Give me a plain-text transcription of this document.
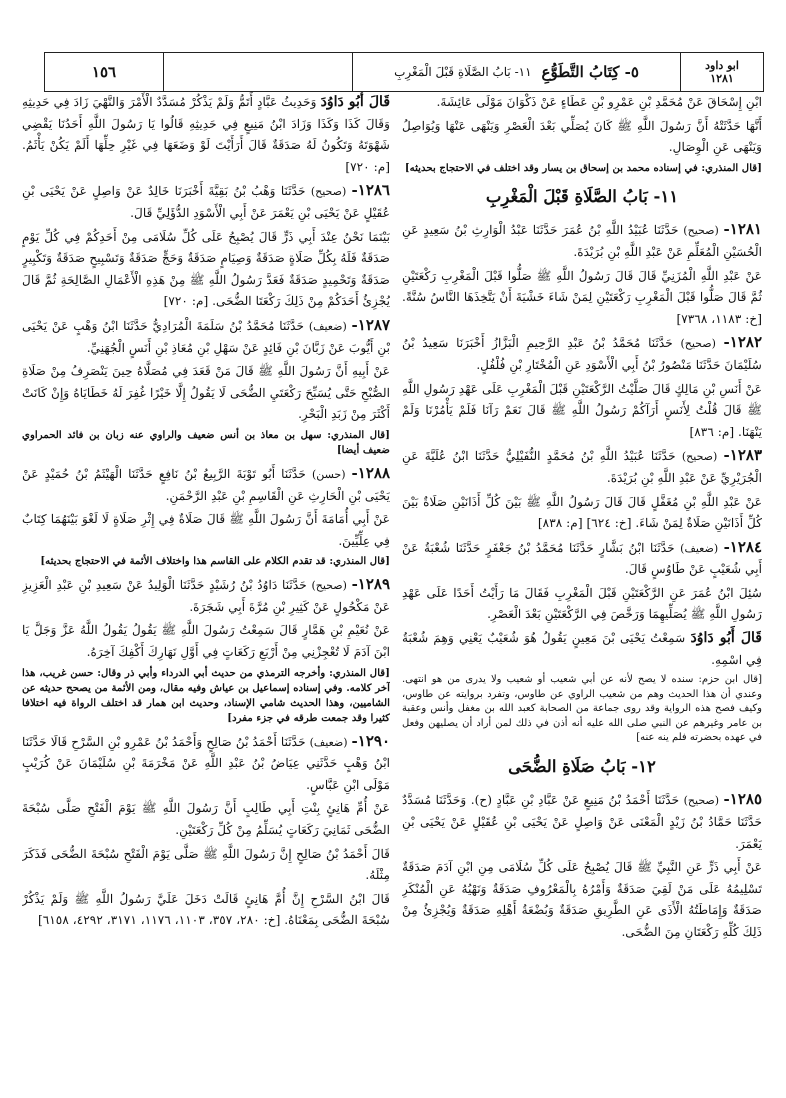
ابو داود
١٢٨١
٥- كِتَابُ التَّطَوُّعِ
١١- بَابُ الصَّلَاةِ قَبْلَ الْمَغْرِبِ
١٥٦

ابْنِ إِسْحَاقَ عَنْ مُحَمَّدِ بْنِ عَمْرِو بْنِ عَطَاءٍ عَنْ ذَكْوَانَ مَوْلَى عَائِشَةَ.

أَنَّهَا حَدَّثَتْهُ أَنَّ رَسُولَ اللَّهِ ﷺ كَانَ يُصَلِّي بَعْدَ الْعَصْرِ وَيَنْهَى عَنْهَا وَيُوَاصِلُ وَيَنْهَى عَنِ الْوِصَالِ.

[قال المنذري: في إسناده محمد بن إسحاق بن يسار وقد اختلف في الاحتجاج بحديثه]
١١- بَابُ الصَّلَاةِ قَبْلَ الْمَغْرِبِ

١٢٨١- (صحيح) حَدَّثَنَا عُبَيْدُ اللَّهِ بْنُ عُمَرَ حَدَّثَنَا عَبْدُ الْوَارِثِ بْنُ سَعِيدٍ عَنِ الْحُسَيْنِ الْمُعَلِّمِ عَنْ عَبْدِ اللَّهِ بْنِ بُرَيْدَةَ.

عَنْ عَبْدِ اللَّهِ الْمُزَنِيِّ قَالَ قَالَ رَسُولُ اللَّهِ ﷺ صَلُّوا قَبْلَ الْمَغْرِبِ رَكْعَتَيْنِ ثُمَّ قَالَ صَلُّوا قَبْلَ الْمَغْرِبِ رَكْعَتَيْنِ لِمَنْ شَاءَ خَشْيَةَ أَنْ يَتَّخِذَهَا النَّاسُ سُنَّةً. [خ: ١١٨٣، ٧٣٦٨]

١٢٨٢- (صحيح) حَدَّثَنَا مُحَمَّدُ بْنُ عَبْدِ الرَّحِيمِ الْبَزَّازُ أَخْبَرَنَا سَعِيدُ بْنُ سُلَيْمَانَ حَدَّثَنَا مَنْصُورُ بْنُ أَبِي الْأَسْوَدِ عَنِ الْمُخْتَارِ بْنِ فُلْفُلٍ.

عَنْ أَنَسِ بْنِ مَالِكٍ قَالَ صَلَّيْتُ الرَّكْعَتَيْنِ قَبْلَ الْمَغْرِبِ عَلَى عَهْدِ رَسُولِ اللَّهِ ﷺ قَالَ قُلْتُ لِأَنَسٍ أَرَآكُمْ رَسُولُ اللَّهِ ﷺ قَالَ نَعَمْ رَآنَا فَلَمْ يَأْمُرْنَا وَلَمْ يَنْهَنَا. [م: ٨٣٦]

١٢٨٣- (صحيح) حَدَّثَنَا عُبَيْدُ اللَّهِ بْنُ مُحَمَّدٍ النُّفَيْلِيُّ حَدَّثَنَا ابْنُ عُلَيَّةَ عَنِ الْجُرَيْرِيِّ عَنْ عَبْدِ اللَّهِ بْنِ بُرَيْدَةَ.

عَنْ عَبْدِ اللَّهِ بْنِ مُغَفَّلٍ قَالَ قَالَ رَسُولُ اللَّهِ ﷺ بَيْنَ كُلِّ أَذَانَيْنِ صَلَاةٌ بَيْنَ كُلِّ أَذَانَيْنِ صَلَاةٌ لِمَنْ شَاءَ. [خ: ٦٢٤] [م: ٨٣٨]

١٢٨٤- (ضعيف) حَدَّثَنَا ابْنُ بَشَّارٍ حَدَّثَنَا مُحَمَّدُ بْنُ جَعْفَرٍ حَدَّثَنَا شُعْبَةُ عَنْ أَبِي شُعَيْبٍ عَنْ طَاوُسٍ قَالَ.

سُئِلَ ابْنُ عُمَرَ عَنِ الرَّكْعَتَيْنِ قَبْلَ الْمَغْرِبِ فَقَالَ مَا رَأَيْتُ أَحَدًا عَلَى عَهْدِ رَسُولِ اللَّهِ ﷺ يُصَلِّيهِمَا وَرَخَّصَ فِي الرَّكْعَتَيْنِ بَعْدَ الْعَصْرِ.

قَالَ أَبُو دَاوُدَ سَمِعْتُ يَحْيَى بْنَ مَعِينٍ يَقُولُ هُوَ شُعَيْبٌ يَعْنِي وَهِمَ شُعْبَةُ فِي اسْمِهِ.

[قال ابن حزم: سنده لا يصح لأنه عن أبي شعيب أو شعيب ولا يدرى من هو انتهى. وعندي أن هذا الحديث وهم من شعيب الراوي عن طاوس، وتفرد بروايته عن طاوس، وكيف فصح هذه الرواية وقد روى جماعة من الصحابة كعبد الله بن مغفل وأنس وعقبة بن عامر وغيرهم عن النبي صلى الله عليه أنه أذن في ذلك لمن أراد أن يصليهن وفعل في عهده بحضرته فلم ينه عنه]
١٢- بَابُ صَلَاةِ الضُّحَى

١٢٨٥- (صحيح) حَدَّثَنَا أَحْمَدُ بْنُ مَنِيعٍ عَنْ عَبَّادِ بْنِ عَبَّادٍ (ح). وَحَدَّثَنَا مُسَدَّدٌ حَدَّثَنَا حَمَّادُ بْنُ زَيْدٍ الْمَعْنَى عَنْ وَاصِلٍ عَنْ يَحْيَى بْنِ عُقَيْلٍ عَنْ يَحْيَى بْنِ يَعْمَرَ.

عَنْ أَبِي ذَرٍّ عَنِ النَّبِيِّ ﷺ قَالَ يُصْبِحُ عَلَى كُلِّ سُلَامَى مِنِ ابْنِ آدَمَ صَدَقَةٌ تَسْلِيمُهُ عَلَى مَنْ لَقِيَ صَدَقَةٌ وَأَمْرُهُ بِالْمَعْرُوفِ صَدَقَةٌ وَنَهْيُهُ عَنِ الْمُنْكَرِ صَدَقَةٌ وَإِمَاطَتُهُ الْأَذَى عَنِ الطَّرِيقِ صَدَقَةٌ وَبُضْعَةُ أَهْلِهِ صَدَقَةٌ وَيُجْزِئُ مِنْ ذَلِكَ كُلِّهِ رَكْعَتَانِ مِنَ الضُّحَى.

قَالَ أَبُو دَاوُدَ وَحَدِيثُ عَبَّادٍ أَتَمُّ وَلَمْ يَذْكُرْ مُسَدَّدٌ الْأَمْرَ وَالنَّهْيَ زَادَ فِي حَدِيثِهِ وَقَالَ كَذَا وَكَذَا وَزَادَ ابْنُ مَنِيعٍ فِي حَدِيثِهِ قَالُوا يَا رَسُولَ اللَّهِ أَحَدُنَا يَقْضِي شَهْوَتَهُ وَتَكُونُ لَهُ صَدَقَةٌ قَالَ أَرَأَيْتَ لَوْ وَضَعَهَا فِي غَيْرِ حِلِّهَا أَلَمْ يَكُنْ يَأْثَمُ. [م: ٧٢٠]

١٢٨٦- (صحيح) حَدَّثَنَا وَهْبُ بْنُ بَقِيَّةَ أَخْبَرَنَا خَالِدٌ عَنْ وَاصِلٍ عَنْ يَحْيَى بْنِ عُقَيْلٍ عَنْ يَحْيَى بْنِ يَعْمَرَ عَنْ أَبِي الْأَسْوَدِ الدُّؤَلِيِّ قَالَ.

بَيْنَمَا نَحْنُ عِنْدَ أَبِي ذَرٍّ قَالَ يُصْبِحُ عَلَى كُلِّ سُلَامَى مِنْ أَحَدِكُمْ فِي كُلِّ يَوْمٍ صَدَقَةٌ فَلَهُ بِكُلِّ صَلَاةٍ صَدَقَةٌ وَصِيَامٍ صَدَقَةٌ وَحَجٍّ صَدَقَةٌ وَتَسْبِيحٍ صَدَقَةٌ وَتَكْبِيرٍ صَدَقَةٌ وَتَحْمِيدٍ صَدَقَةٌ فَعَدَّ رَسُولُ اللَّهِ ﷺ مِنْ هَذِهِ الْأَعْمَالِ الصَّالِحَةِ ثُمَّ قَالَ يُجْزِئُ أَحَدَكُمْ مِنْ ذَلِكَ رَكْعَتَا الضُّحَى. [م: ٧٢٠]

١٢٨٧- (ضعيف) حَدَّثَنَا مُحَمَّدُ بْنُ سَلَمَةَ الْمُرَادِيُّ حَدَّثَنَا ابْنُ وَهْبٍ عَنْ يَحْيَى بْنِ أَيُّوبَ عَنْ زَبَّانَ بْنِ فَائِدٍ عَنْ سَهْلِ بْنِ مُعَاذِ بْنِ أَنَسٍ الْجُهَنِيِّ.

عَنْ أَبِيهِ أَنَّ رَسُولَ اللَّهِ ﷺ قَالَ مَنْ قَعَدَ فِي مُصَلَّاهُ حِينَ يَنْصَرِفُ مِنْ صَلَاةِ الصُّبْحِ حَتَّى يُسَبِّحَ رَكْعَتَيِ الضُّحَى لَا يَقُولُ إِلَّا خَيْرًا غُفِرَ لَهُ خَطَايَاهُ وَإِنْ كَانَتْ أَكْثَرَ مِنْ زَبَدِ الْبَحْرِ.

[قال المنذري: سهل بن معاذ بن أنس ضعيف والراوي عنه زبان بن فائد الحمراوي ضعيف أيضا]

١٢٨٨- (حسن) حَدَّثَنَا أَبُو تَوْبَةَ الرَّبِيعُ بْنُ نَافِعٍ حَدَّثَنَا الْهَيْثَمُ بْنُ حُمَيْدٍ عَنْ يَحْيَى بْنِ الْحَارِثِ عَنِ الْقَاسِمِ بْنِ عَبْدِ الرَّحْمَنِ.

عَنْ أَبِي أُمَامَةَ أَنَّ رَسُولَ اللَّهِ ﷺ قَالَ صَلَاةٌ فِي إِثْرِ صَلَاةٍ لَا لَغْوَ بَيْنَهُمَا كِتَابٌ فِي عِلِّيِّينَ.

[قال المنذري: قد تقدم الكلام على القاسم هذا واختلاف الأئمة في الاحتجاج بحديثه]

١٢٨٩- (صحيح) حَدَّثَنَا دَاوُدُ بْنُ رُشَيْدٍ حَدَّثَنَا الْوَلِيدُ عَنْ سَعِيدِ بْنِ عَبْدِ الْعَزِيزِ عَنْ مَكْحُولٍ عَنْ كَثِيرِ بْنِ مُرَّةَ أَبِي شَجَرَةَ.

عَنْ نُعَيْمِ بْنِ هَمَّارٍ قَالَ سَمِعْتُ رَسُولَ اللَّهِ ﷺ يَقُولُ يَقُولُ اللَّهُ عَزَّ وَجَلَّ يَا ابْنَ آدَمَ لَا تُعْجِزْنِي مِنْ أَرْبَعِ رَكَعَاتٍ فِي أَوَّلِ نَهَارِكَ أَكْفِكَ آخِرَهُ.

[قال المنذري: وأخرجه الترمذي من حديث أبي الدرداء وأبي ذر وقال: حسن غريب، هذا آخر كلامه. وفي إسناده إسماعيل بن عياش وفيه مقال، ومن الأئمة من يصحح حديثه عن الشاميين، وهذا الحديث شامي الإسناد، وحديث ابن همار قد اختلف الرواة فيه اختلافا كثيرا وقد جمعت طرقه في جزء مفرد]

١٢٩٠- (ضعيف) حَدَّثَنَا أَحْمَدُ بْنُ صَالِحٍ وَأَحْمَدُ بْنُ عَمْرِو بْنِ السَّرْحِ قَالَا حَدَّثَنَا ابْنُ وَهْبٍ حَدَّثَنِي عِيَاضُ بْنُ عَبْدِ اللَّهِ عَنْ مَخْرَمَةَ بْنِ سُلَيْمَانَ عَنْ كُرَيْبٍ مَوْلَى ابْنِ عَبَّاسٍ.

عَنْ أُمِّ هَانِئٍ بِنْتِ أَبِي طَالِبٍ أَنَّ رَسُولَ اللَّهِ ﷺ يَوْمَ الْفَتْحِ صَلَّى سُبْحَةَ الضُّحَى ثَمَانِيَ رَكَعَاتٍ يُسَلِّمُ مِنْ كُلِّ رَكْعَتَيْنِ.

قَالَ أَحْمَدُ بْنُ صَالِحٍ إِنَّ رَسُولَ اللَّهِ ﷺ صَلَّى يَوْمَ الْفَتْحِ سُبْحَةَ الضُّحَى فَذَكَرَ مِثْلَهُ.

قَالَ ابْنُ السَّرْحِ إِنَّ أُمَّ هَانِئٍ قَالَتْ دَخَلَ عَلَيَّ رَسُولُ اللَّهِ ﷺ وَلَمْ يَذْكُرْ سُبْحَةَ الضُّحَى بِمَعْنَاهُ. [خ: ٢٨٠، ٣٥٧، ١١٠٣، ١١٧٦، ٣١٧١، ٤٢٩٢، ٦١٥٨]
